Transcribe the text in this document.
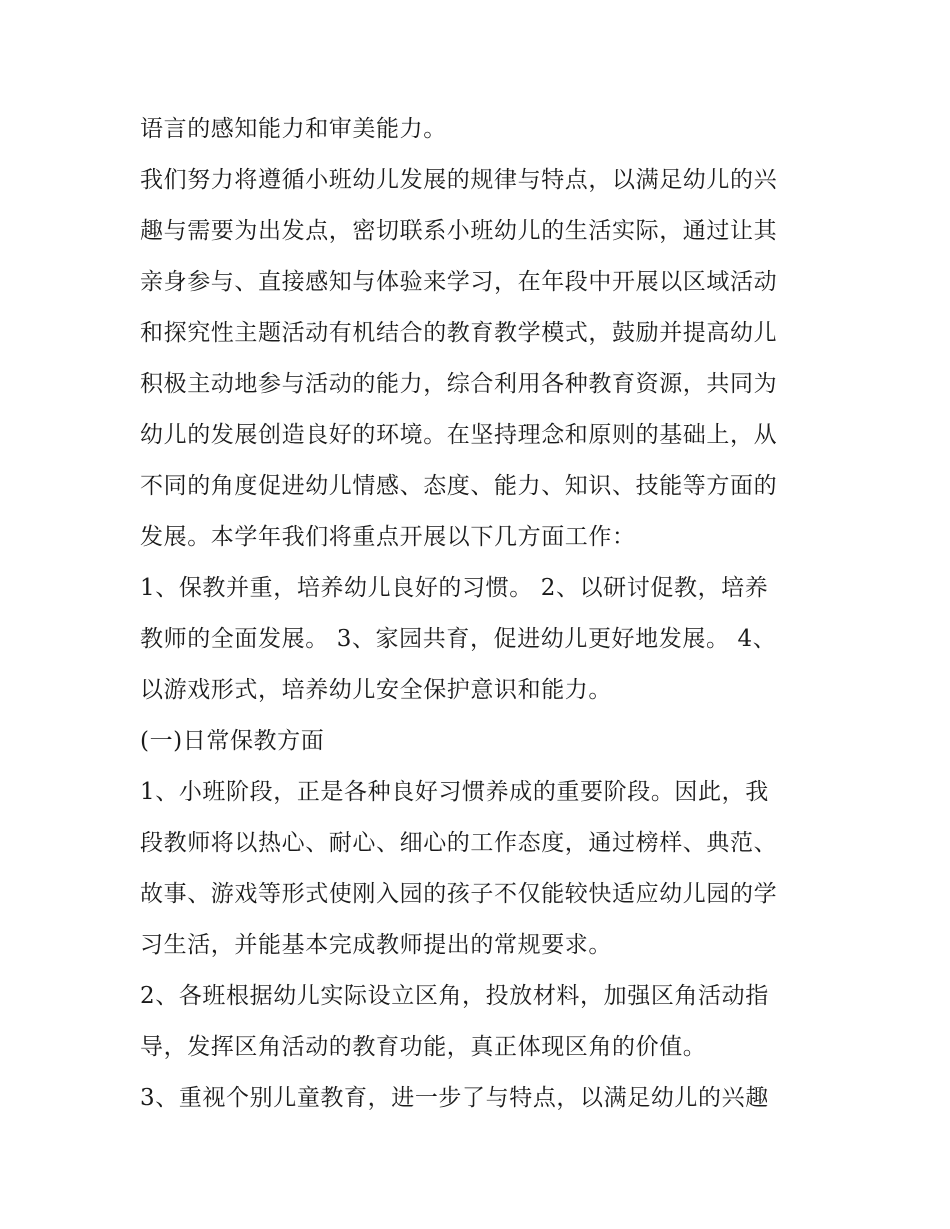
语言的感知能力和审美能力。
我们努力将遵循小班幼儿发展的规律与特点，以满足幼儿的兴
趣与需要为出发点，密切联系小班幼儿的生活实际，通过让其
亲身参与、直接感知与体验来学习，在年段中开展以区域活动
和探究性主题活动有机结合的教育教学模式，鼓励并提高幼儿
积极主动地参与活动的能力，综合利用各种教育资源，共同为
幼儿的发展创造良好的环境。在坚持理念和原则的基础上，从
不同的角度促进幼儿情感、态度、能力、知识、技能等方面的
发展。本学年我们将重点开展以下几方面工作：
1、保教并重，培养幼儿良好的习惯。 2、以研讨促教，培养
教师的全面发展。 3、家园共育，促进幼儿更好地发展。 4、
以游戏形式，培养幼儿安全保护意识和能力。
(一)日常保教方面
1、小班阶段，正是各种良好习惯养成的重要阶段。因此，我
段教师将以热心、耐心、细心的工作态度，通过榜样、典范、
故事、游戏等形式使刚入园的孩子不仅能较快适应幼儿园的学
习生活，并能基本完成教师提出的常规要求。
2、各班根据幼儿实际设立区角，投放材料，加强区角活动指
导，发挥区角活动的教育功能，真正体现区角的价值。
3、重视个别儿童教育，进一步了与特点，以满足幼儿的兴趣
